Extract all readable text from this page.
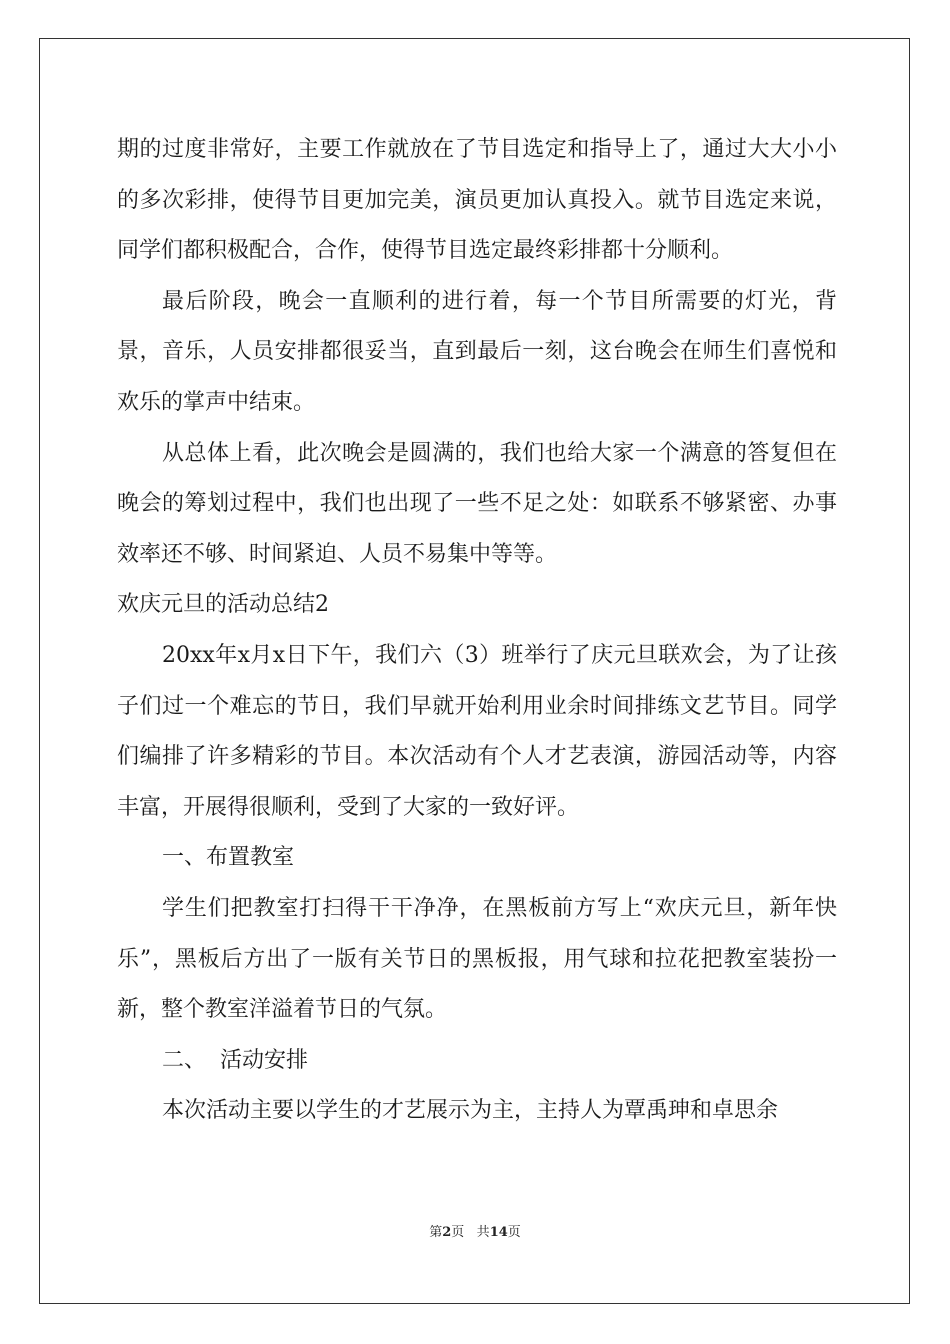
期的过度非常好，主要工作就放在了节目选定和指导上了，通过大大小小的多次彩排，使得节目更加完美，演员更加认真投入。就节目选定来说，同学们都积极配合，合作，使得节目选定最终彩排都十分顺利。

最后阶段，晚会一直顺利的进行着，每一个节目所需要的灯光，背景，音乐，人员安排都很妥当，直到最后一刻，这台晚会在师生们喜悦和欢乐的掌声中结束。

从总体上看，此次晚会是圆满的，我们也给大家一个满意的答复但在晚会的筹划过程中，我们也出现了一些不足之处：如联系不够紧密、办事效率还不够、时间紧迫、人员不易集中等等。

欢庆元旦的活动总结2

20xx年x月x日下午，我们六（3）班举行了庆元旦联欢会，为了让孩子们过一个难忘的节日，我们早就开始利用业余时间排练文艺节目。同学们编排了许多精彩的节目。本次活动有个人才艺表演，游园活动等，内容丰富，开展得很顺利，受到了大家的一致好评。

一、布置教室

学生们把教室打扫得干干净净，在黑板前方写上“欢庆元旦，新年快乐”，黑板后方出了一版有关节日的黑板报，用气球和拉花把教室装扮一新，整个教室洋溢着节日的气氛。

二、  活动安排

本次活动主要以学生的才艺展示为主，主持人为覃禹珅和卓思余

第2页 共14页
